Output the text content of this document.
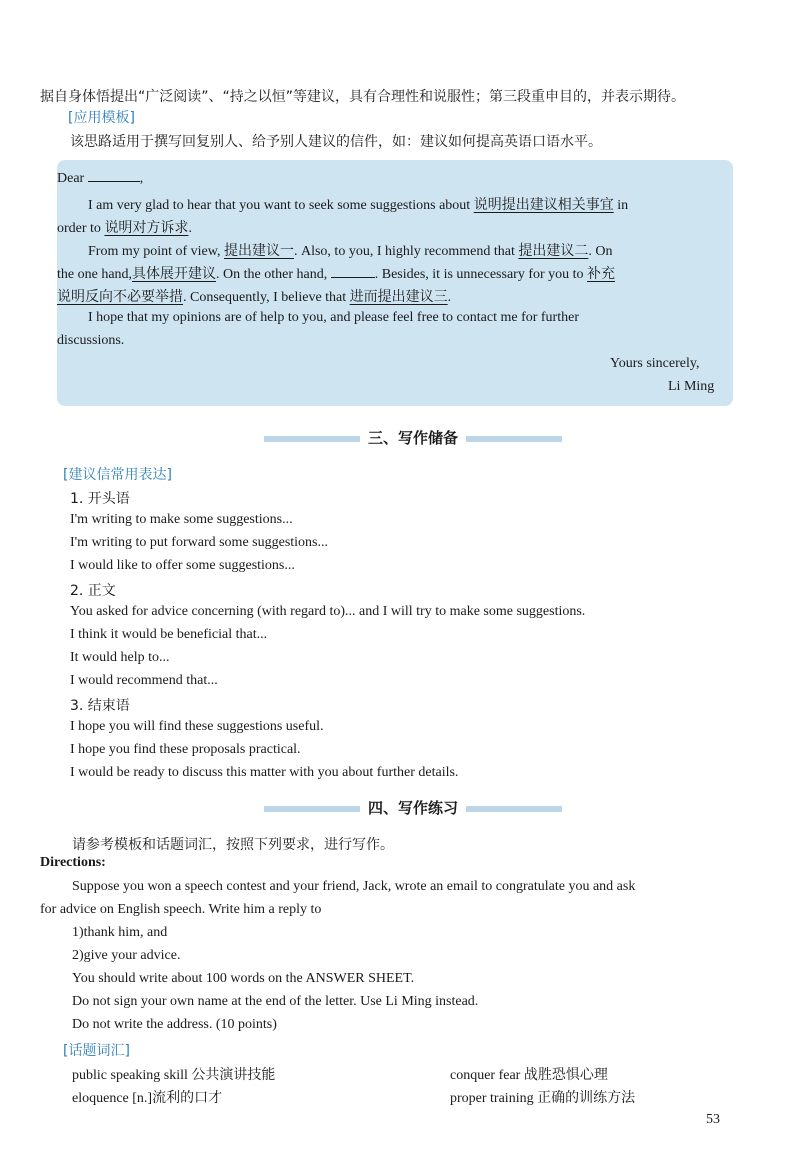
据自身体悟提出“广泛阅读”、“持之以恒”等建议，具有合理性和说服性；第三段重申目的，并表示期待。
[应用模板]
该思路适用于撰写回复别人、给予别人建议的信件，如：建议如何提高英语口语水平。
Dear	,
I am very glad to hear that you want to seek some suggestions about 说明提出建议相关事宜 in
order to 说明对方诉求.
From my point of view, 提出建议一. Also, to you, I highly recommend that 提出建议二. On
the one hand,具体展开建议. On the other hand,	. Besides, it is unnecessary for you to 补充
说明反向不必要举措. Consequently, I believe that 进而提出建议三.
I hope that my opinions are of help to you, and please feel free to contact me for further
discussions.
Yours sincerely,
Li Ming
三、写作储备
[建议信常用表达]
1. 开头语
I'm writing to make some suggestions...
I'm writing to put forward some suggestions...
I would like to offer some suggestions...
2. 正文
You asked for advice concerning (with regard to)... and I will try to make some suggestions.
I think it would be beneficial that...
It would help to...
I would recommend that...
3. 结束语
I hope you will find these suggestions useful.
I hope you find these proposals practical.
I would be ready to discuss this matter with you about further details.
四、写作练习
请参考模板和话题词汇，按照下列要求，进行写作。
Directions:
Suppose you won a speech contest and your friend, Jack, wrote an email to congratulate you and ask
for advice on English speech. Write him a reply to
1)thank him, and
2)give your advice.
You should write about 100 words on the ANSWER SHEET.
Do not sign your own name at the end of the letter. Use Li Ming instead.
Do not write the address. (10 points)
[话题词汇]
public speaking skill 公共演讲技能	conquer fear 战胜恐惧心理
eloquence [n.]流利的口才	proper training 正确的训练方法
53
